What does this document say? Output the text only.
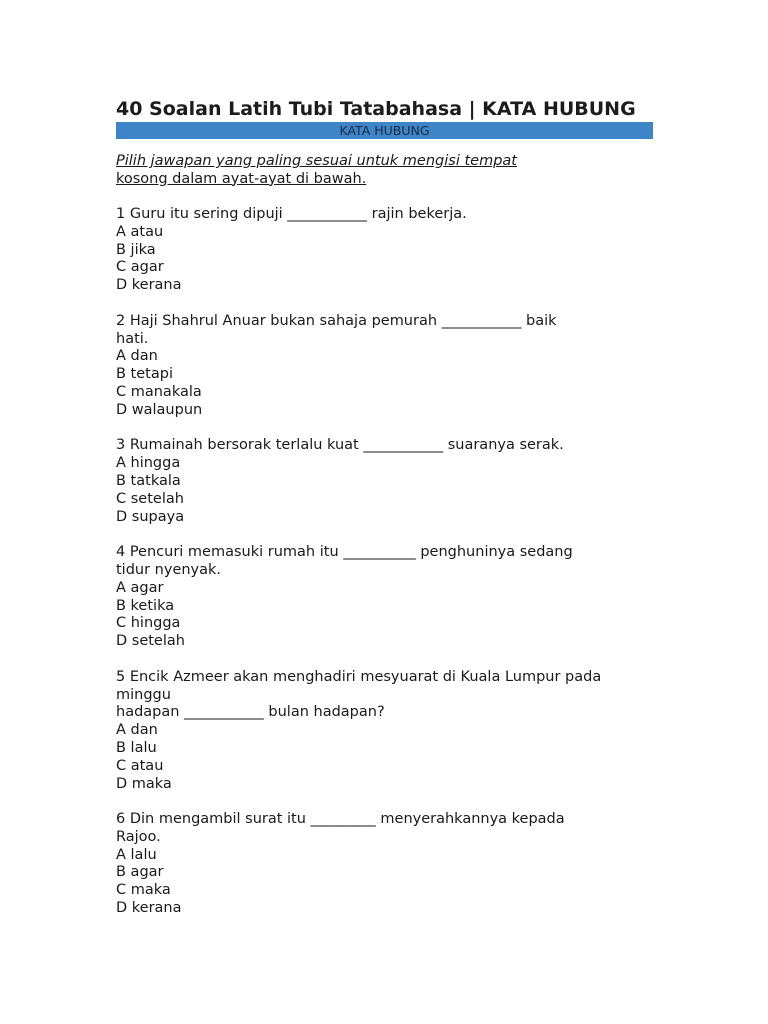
40 Soalan Latih Tubi Tatabahasa | KATA HUBUNG
KATA HUBUNG
Pilih jawapan yang paling sesuai untuk mengisi tempat
kosong dalam ayat-ayat di bawah.
1 Guru itu sering dipuji ___________ rajin bekerja.
A atau
B jika
C agar
D kerana
2 Haji Shahrul Anuar bukan sahaja pemurah ___________ baik
hati.
A dan
B tetapi
C manakala
D walaupun
3 Rumainah bersorak terlalu kuat ___________ suaranya serak.
A hingga
B tatkala
C setelah
D supaya
4 Pencuri memasuki rumah itu __________ penghuninya sedang
tidur nyenyak.
A agar
B ketika
C hingga
D setelah
5 Encik Azmeer akan menghadiri mesyuarat di Kuala Lumpur pada
minggu
hadapan ___________ bulan hadapan?
A dan
B lalu
C atau
D maka
6 Din mengambil surat itu _________ menyerahkannya kepada
Rajoo.
A lalu
B agar
C maka
D kerana
